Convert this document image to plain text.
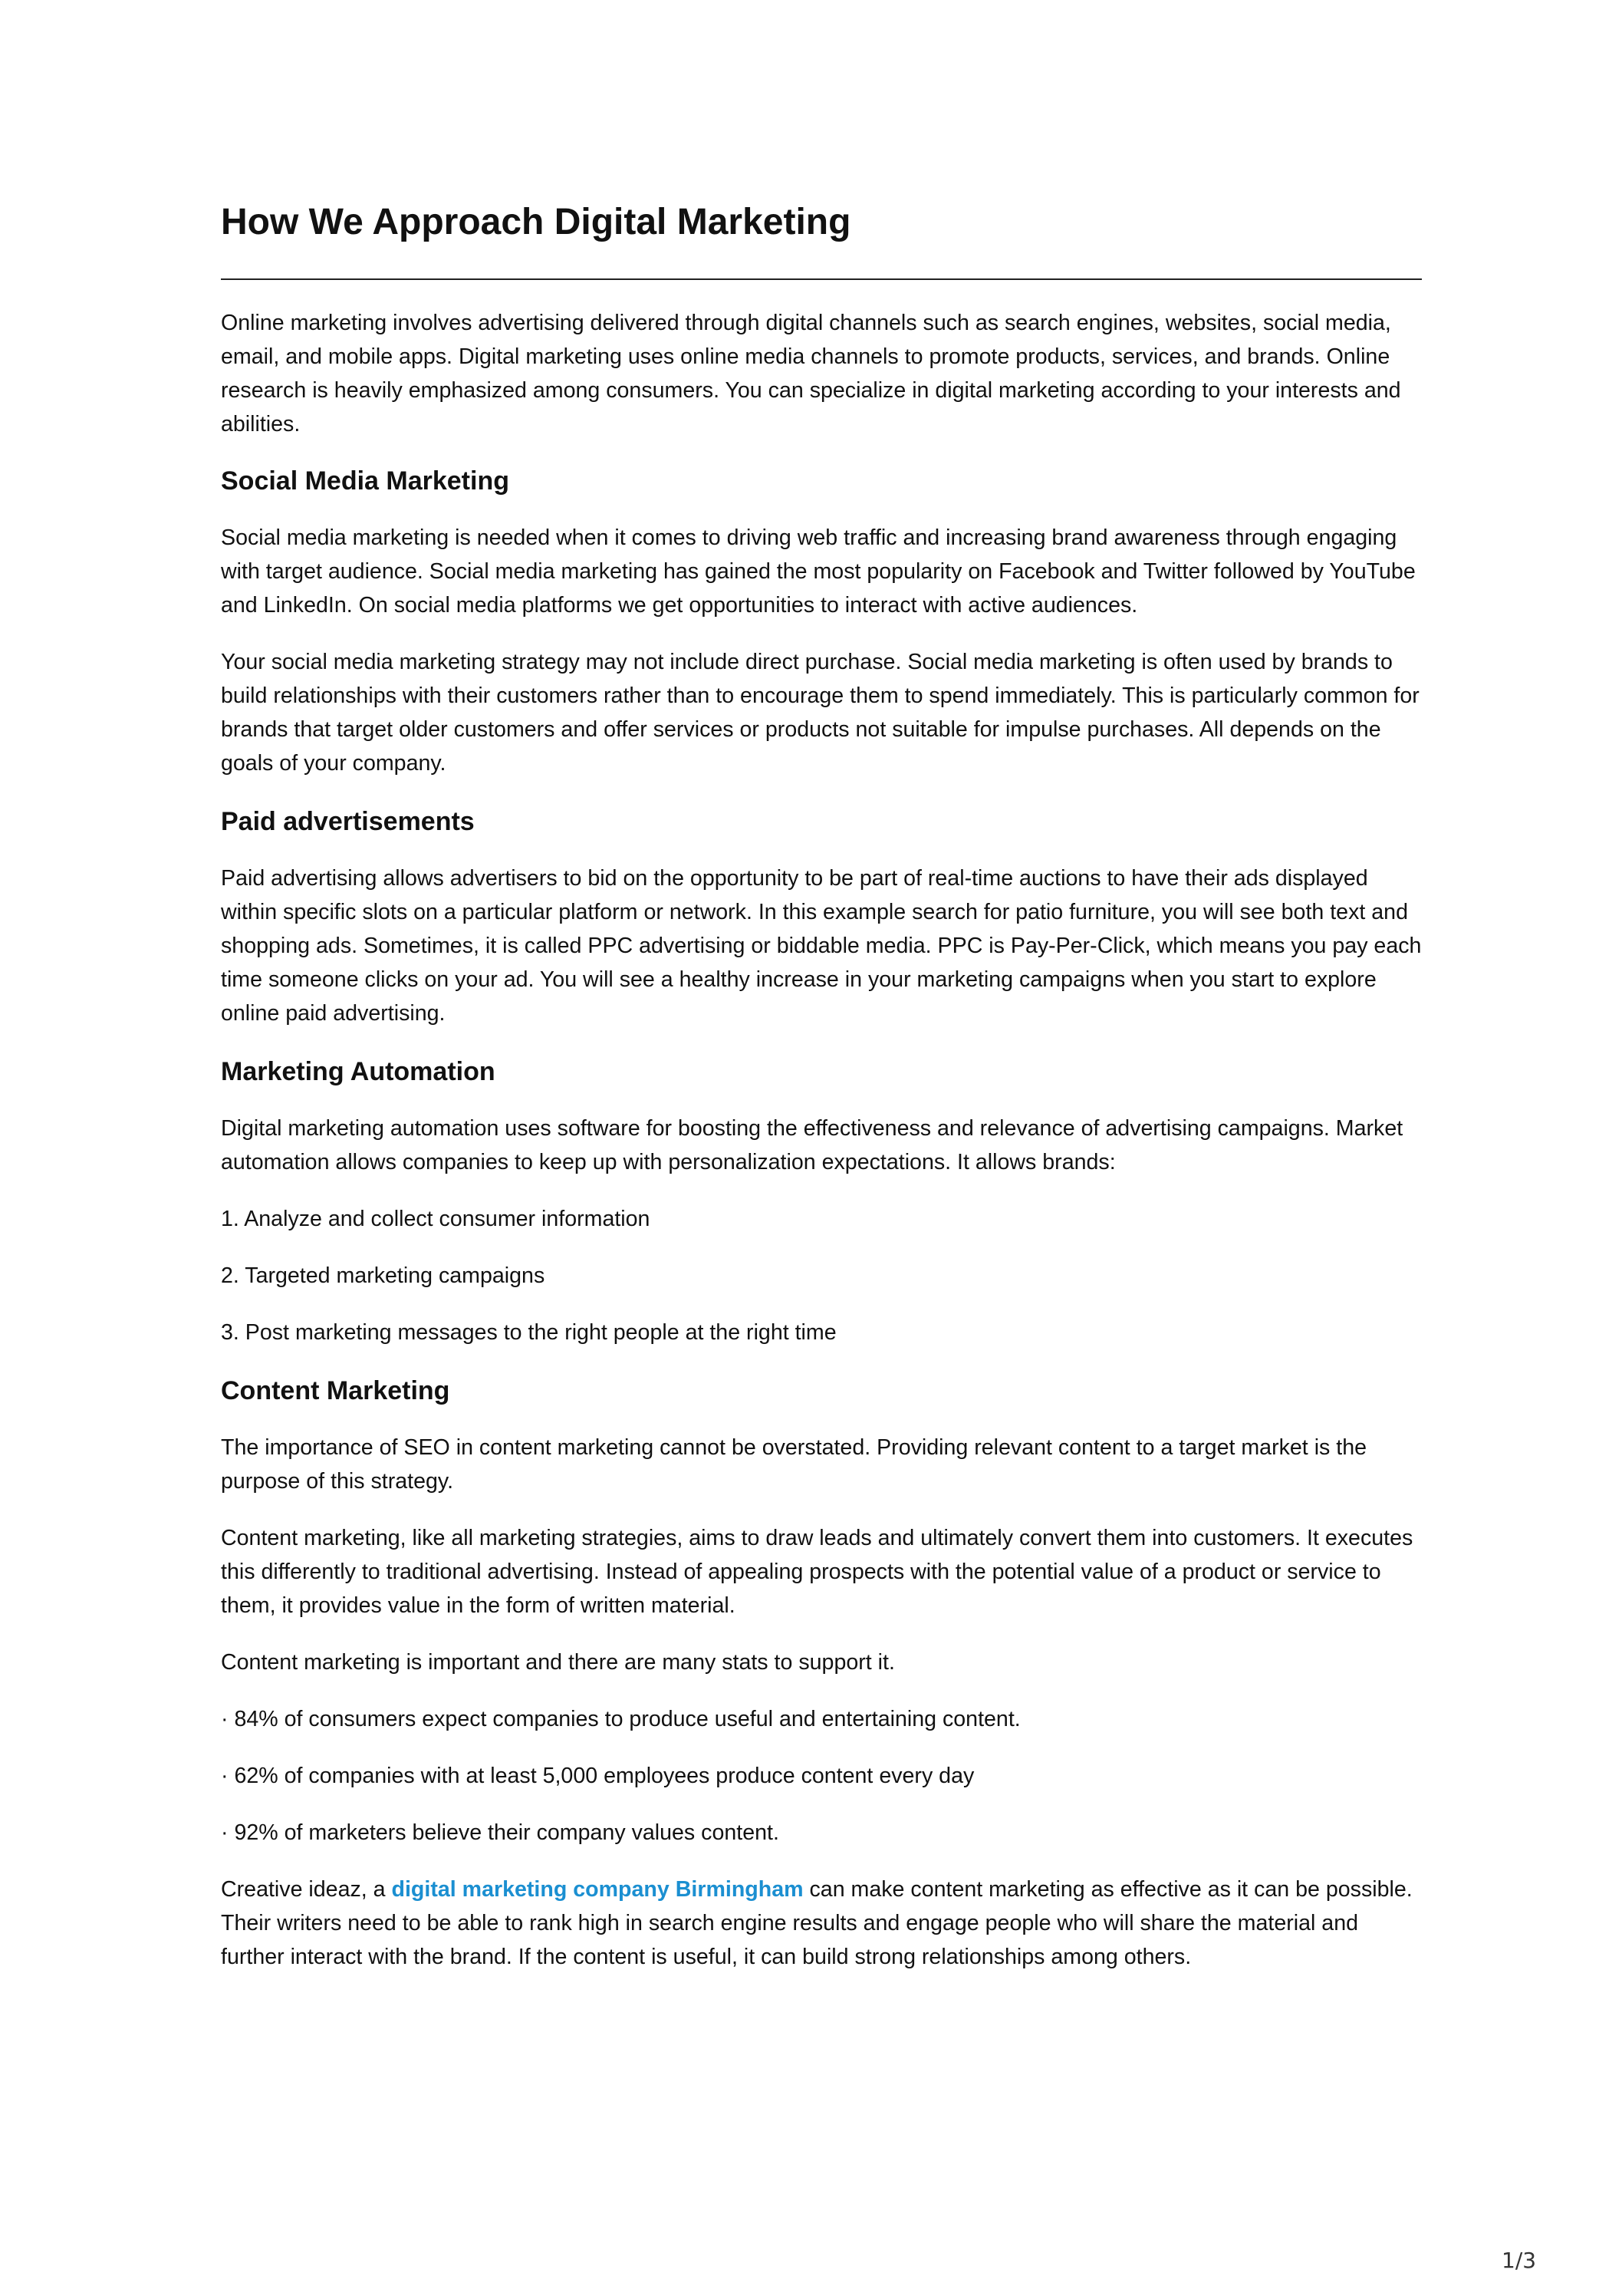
How We Approach Digital Marketing

Online marketing involves advertising delivered through digital channels such as search engines, websites, social media, email, and mobile apps. Digital marketing uses online media channels to promote products, services, and brands. Online research is heavily emphasized among consumers. You can specialize in digital marketing according to your interests and abilities.

Social Media Marketing

Social media marketing is needed when it comes to driving web traffic and increasing brand awareness through engaging with target audience. Social media marketing has gained the most popularity on Facebook and Twitter followed by YouTube and LinkedIn. On social media platforms we get opportunities to interact with active audiences.

Your social media marketing strategy may not include direct purchase. Social media marketing is often used by brands to build relationships with their customers rather than to encourage them to spend immediately. This is particularly common for brands that target older customers and offer services or products not suitable for impulse purchases. All depends on the goals of your company.

Paid advertisements

Paid advertising allows advertisers to bid on the opportunity to be part of real-time auctions to have their ads displayed within specific slots on a particular platform or network. In this example search for patio furniture, you will see both text and shopping ads. Sometimes, it is called PPC advertising or biddable media. PPC is Pay-Per-Click, which means you pay each time someone clicks on your ad. You will see a healthy increase in your marketing campaigns when you start to explore online paid advertising.

Marketing Automation

Digital marketing automation uses software for boosting the effectiveness and relevance of advertising campaigns. Market automation allows companies to keep up with personalization expectations. It allows brands:

1. Analyze and collect consumer information

2. Targeted marketing campaigns

3. Post marketing messages to the right people at the right time

Content Marketing

The importance of SEO in content marketing cannot be overstated. Providing relevant content to a target market is the purpose of this strategy.

Content marketing, like all marketing strategies, aims to draw leads and ultimately convert them into customers. It executes this differently to traditional advertising. Instead of appealing prospects with the potential value of a product or service to them, it provides value in the form of written material.

Content marketing is important and there are many stats to support it.

· 84% of consumers expect companies to produce useful and entertaining content.

· 62% of companies with at least 5,000 employees produce content every day

· 92% of marketers believe their company values content.

Creative ideaz, a digital marketing company Birmingham can make content marketing as effective as it can be possible. Their writers need to be able to rank high in search engine results and engage people who will share the material and further interact with the brand. If the content is useful, it can build strong relationships among others.

1/3
